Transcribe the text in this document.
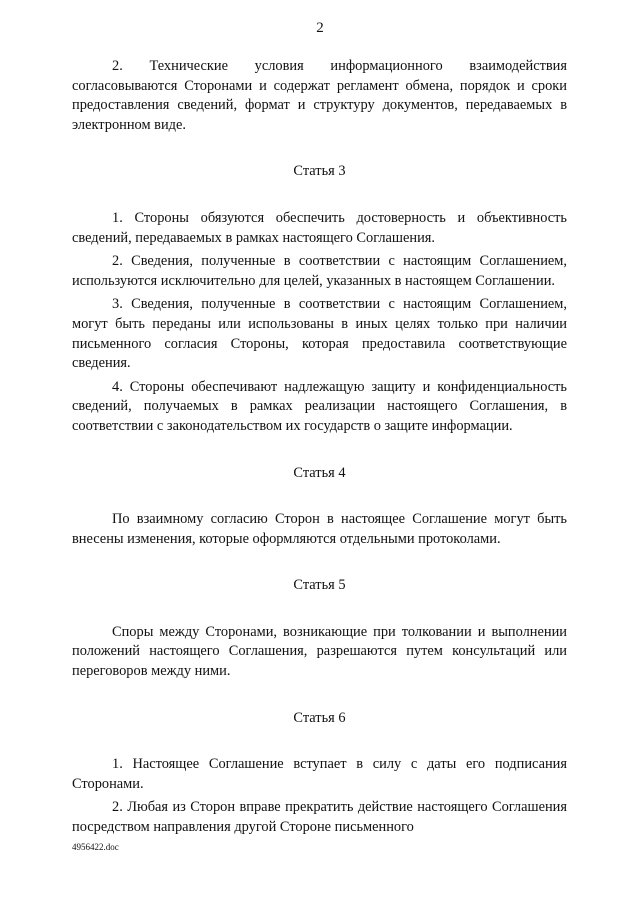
2

2. Технические условия информационного взаимодействия согласовываются Сторонами и содержат регламент обмена, порядок и сроки предоставления сведений, формат и структуру документов, передаваемых в электронном виде.

Статья 3

1. Стороны обязуются обеспечить достоверность и объективность сведений, передаваемых в рамках настоящего Соглашения.

2. Сведения, полученные в соответствии с настоящим Соглашением, используются исключительно для целей, указанных в настоящем Соглашении.

3. Сведения, полученные в соответствии с настоящим Соглашением, могут быть переданы или использованы в иных целях только при наличии письменного согласия Стороны, которая предоставила соответствующие сведения.

4. Стороны обеспечивают надлежащую защиту и конфиденциальность сведений, получаемых в рамках реализации настоящего Соглашения, в соответствии с законодательством их государств о защите информации.

Статья 4

По взаимному согласию Сторон в настоящее Соглашение могут быть внесены изменения, которые оформляются отдельными протоколами.

Статья 5

Споры между Сторонами, возникающие при толковании и выполнении положений настоящего Соглашения, разрешаются путем консультаций или переговоров между ними.

Статья 6

1. Настоящее Соглашение вступает в силу с даты его подписания Сторонами.

2. Любая из Сторон вправе прекратить действие настоящего Соглашения посредством направления другой Стороне письменного

4956422.doc
